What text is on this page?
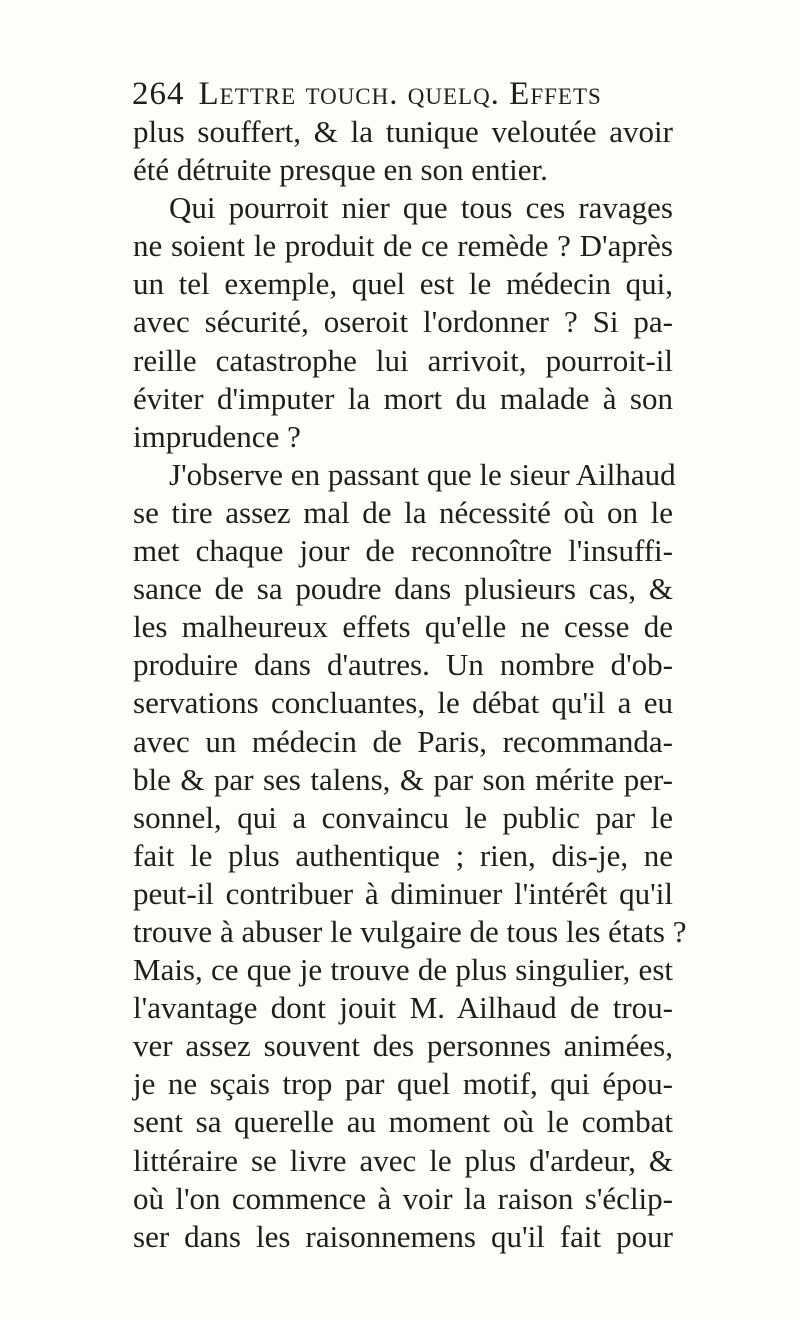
264 Lettre touch. quelq. Effets
plus souffert, & la tunique veloutée avoir
été détruite presque en son entier.
Qui pourroit nier que tous ces ravages
ne soient le produit de ce remède ? D'après
un tel exemple, quel est le médecin qui,
avec sécurité, oseroit l'ordonner ? Si pa-
reille catastrophe lui arrivoit, pourroit-il
éviter d'imputer la mort du malade à son
imprudence ?
J'observe en passant que le sieur Ailhaud
se tire assez mal de la nécessité où on le
met chaque jour de reconnoître l'insuffi-
sance de sa poudre dans plusieurs cas, &
les malheureux effets qu'elle ne cesse de
produire dans d'autres. Un nombre d'ob-
servations concluantes, le débat qu'il a eu
avec un médecin de Paris, recommanda-
ble & par ses talens, & par son mérite per-
sonnel, qui a convaincu le public par le
fait le plus authentique ; rien, dis-je, ne
peut-il contribuer à diminuer l'intérêt qu'il
trouve à abuser le vulgaire de tous les états ?
Mais, ce que je trouve de plus singulier, est
l'avantage dont jouit M. Ailhaud de trou-
ver assez souvent des personnes animées,
je ne sçais trop par quel motif, qui épou-
sent sa querelle au moment où le combat
littéraire se livre avec le plus d'ardeur, &
où l'on commence à voir la raison s'éclip-
ser dans les raisonnemens qu'il fait pour
